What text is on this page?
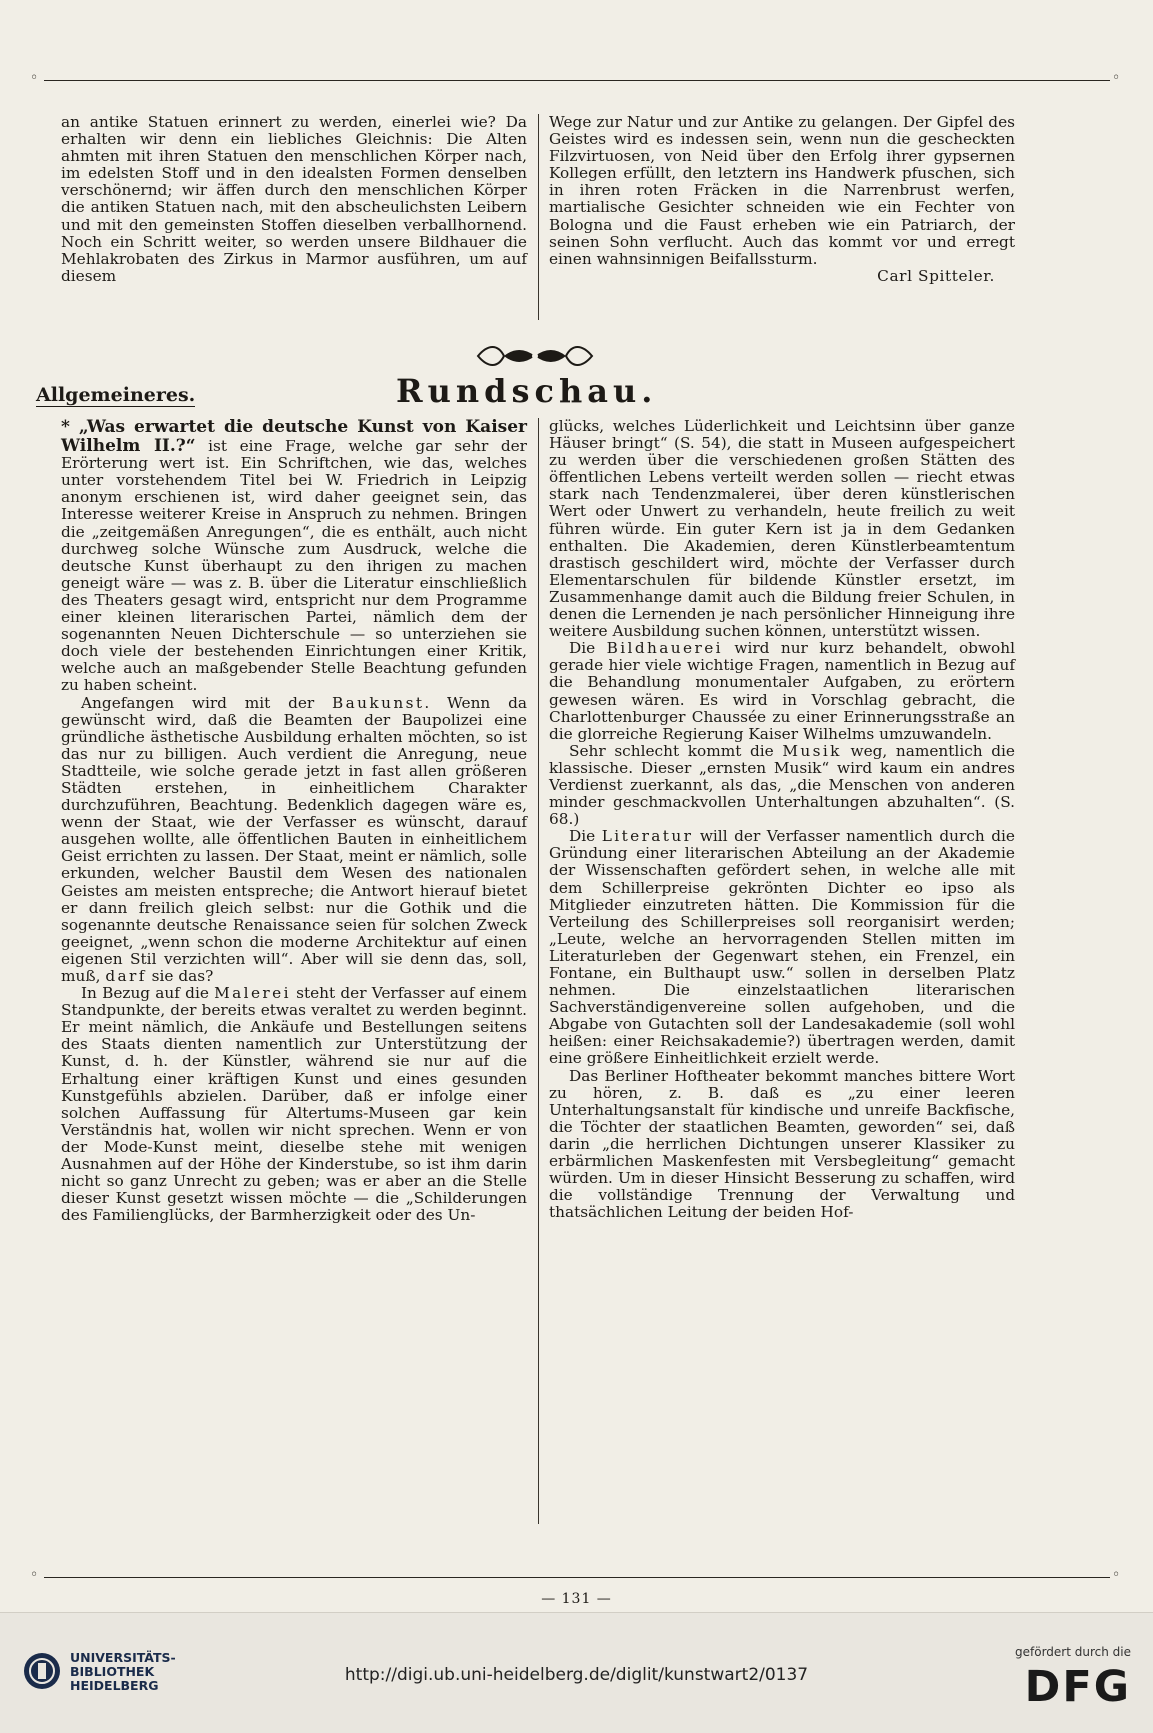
◦	◦

an antike Statuen erinnert zu werden, einerlei wie? Da erhalten wir denn ein liebliches Gleichnis: Die Alten ahmten mit ihren Statuen den menschlichen Körper nach, im edelsten Stoff und in den idealsten Formen denselben verschönernd; wir äffen durch den menschlichen Körper die antiken Statuen nach, mit den abscheulichsten Leibern und mit den gemeinsten Stoffen dieselben verballhornend. Noch ein Schritt weiter, so werden unsere Bildhauer die Mehlakrobaten des Zirkus in Marmor ausführen, um auf diesem

Wege zur Natur und zur Antike zu gelangen. Der Gipfel des Geistes wird es indessen sein, wenn nun die gescheckten Filzvirtuosen, von Neid über den Erfolg ihrer gypsernen Kollegen erfüllt, den letztern ins Handwerk pfuschen, sich in ihren roten Fräcken in die Narrenbrust werfen, martialische Gesichter schneiden wie ein Fechter von Bologna und die Faust erheben wie ein Patriarch, der seinen Sohn verflucht. Auch das kommt vor und erregt einen wahnsinnigen Beifallssturm.

Carl Spitteler.

Allgemeineres.	Rundschau.

* „Was erwartet die deutsche Kunst von Kaiser Wilhelm II.?“ ist eine Frage, welche gar sehr der Erörterung wert ist. Ein Schriftchen, wie das, welches unter vorstehendem Titel bei W. Friedrich in Leipzig anonym erschienen ist, wird daher geeignet sein, das Interesse weiterer Kreise in Anspruch zu nehmen. Bringen die „zeitgemäßen Anregungen“, die es enthält, auch nicht durchweg solche Wünsche zum Ausdruck, welche die deutsche Kunst überhaupt zu den ihrigen zu machen geneigt wäre — was z. B. über die Literatur einschließlich des Theaters gesagt wird, entspricht nur dem Programme einer kleinen literarischen Partei, nämlich dem der sogenannten Neuen Dichterschule — so unterziehen sie doch viele der bestehenden Einrichtungen einer Kritik, welche auch an maßgebender Stelle Beachtung gefunden zu haben scheint.

Angefangen wird mit der Baukunst. Wenn da gewünscht wird, daß die Beamten der Baupolizei eine gründliche ästhetische Ausbildung erhalten möchten, so ist das nur zu billigen. Auch verdient die Anregung, neue Stadtteile, wie solche gerade jetzt in fast allen größeren Städten erstehen, in einheitlichem Charakter durchzuführen, Beachtung. Bedenklich dagegen wäre es, wenn der Staat, wie der Verfasser es wünscht, darauf ausgehen wollte, alle öffentlichen Bauten in einheitlichem Geist errichten zu lassen. Der Staat, meint er nämlich, solle erkunden, welcher Baustil dem Wesen des nationalen Geistes am meisten entspreche; die Antwort hierauf bietet er dann freilich gleich selbst: nur die Gothik und die sogenannte deutsche Renaissance seien für solchen Zweck geeignet, „wenn schon die moderne Architektur auf einen eigenen Stil verzichten will“. Aber will sie denn das, soll, muß, darf sie das?

In Bezug auf die Malerei steht der Verfasser auf einem Standpunkte, der bereits etwas veraltet zu werden beginnt. Er meint nämlich, die Ankäufe und Bestellungen seitens des Staats dienten namentlich zur Unterstützung der Kunst, d. h. der Künstler, während sie nur auf die Erhaltung einer kräftigen Kunst und eines gesunden Kunstgefühls abzielen. Darüber, daß er infolge einer solchen Auffassung für Altertums-Museen gar kein Verständnis hat, wollen wir nicht sprechen. Wenn er von der Mode-Kunst meint, dieselbe stehe mit wenigen Ausnahmen auf der Höhe der Kinderstube, so ist ihm darin nicht so ganz Unrecht zu geben; was er aber an die Stelle dieser Kunst gesetzt wissen möchte — die „Schilderungen des Familienglücks, der Barmherzigkeit oder des Un-

glücks, welches Lüderlichkeit und Leichtsinn über ganze Häuser bringt“ (S. 54), die statt in Museen aufgespeichert zu werden über die verschiedenen großen Stätten des öffentlichen Lebens verteilt werden sollen — riecht etwas stark nach Tendenzmalerei, über deren künstlerischen Wert oder Unwert zu verhandeln, heute freilich zu weit führen würde. Ein guter Kern ist ja in dem Gedanken enthalten. Die Akademien, deren Künstlerbeamtentum drastisch geschildert wird, möchte der Verfasser durch Elementarschulen für bildende Künstler ersetzt, im Zusammenhange damit auch die Bildung freier Schulen, in denen die Lernenden je nach persönlicher Hinneigung ihre weitere Ausbildung suchen können, unterstützt wissen.

Die Bildhauerei wird nur kurz behandelt, obwohl gerade hier viele wichtige Fragen, namentlich in Bezug auf die Behandlung monumentaler Aufgaben, zu erörtern gewesen wären. Es wird in Vorschlag gebracht, die Charlottenburger Chaussée zu einer Erinnerungsstraße an die glorreiche Regierung Kaiser Wilhelms umzuwandeln.

Sehr schlecht kommt die Musik weg, namentlich die klassische. Dieser „ernsten Musik“ wird kaum ein andres Verdienst zuerkannt, als das, „die Menschen von anderen minder geschmackvollen Unterhaltungen abzuhalten“. (S. 68.)

Die Literatur will der Verfasser namentlich durch die Gründung einer literarischen Abteilung an der Akademie der Wissenschaften gefördert sehen, in welche alle mit dem Schillerpreise gekrönten Dichter eo ipso als Mitglieder einzutreten hätten. Die Kommission für die Verteilung des Schillerpreises soll reorganisirt werden; „Leute, welche an hervorragenden Stellen mitten im Literaturleben der Gegenwart stehen, ein Frenzel, ein Fontane, ein Bulthaupt usw.“ sollen in derselben Platz nehmen. Die einzelstaatlichen literarischen Sachverständigenvereine sollen aufgehoben, und die Abgabe von Gutachten soll der Landesakademie (soll wohl heißen: einer Reichsakademie?) übertragen werden, damit eine größere Einheitlichkeit erzielt werde.

Das Berliner Hoftheater bekommt manches bittere Wort zu hören, z. B. daß es „zu einer leeren Unterhaltungsanstalt für kindische und unreife Backfische, die Töchter der staatlichen Beamten, geworden“ sei, daß darin „die herrlichen Dichtungen unserer Klassiker zu erbärmlichen Maskenfesten mit Versbegleitung“ gemacht würden. Um in dieser Hinsicht Besserung zu schaffen, wird die vollständige Trennung der Verwaltung und thatsächlichen Leitung der beiden Hof-

◦	◦
— 131 —
UNIVERSITÄTS-
BIBLIOTHEK
HEIDELBERG
http://digi.ub.uni-heidelberg.de/diglit/kunstwart2/0137
gefördert durch die
DFG
